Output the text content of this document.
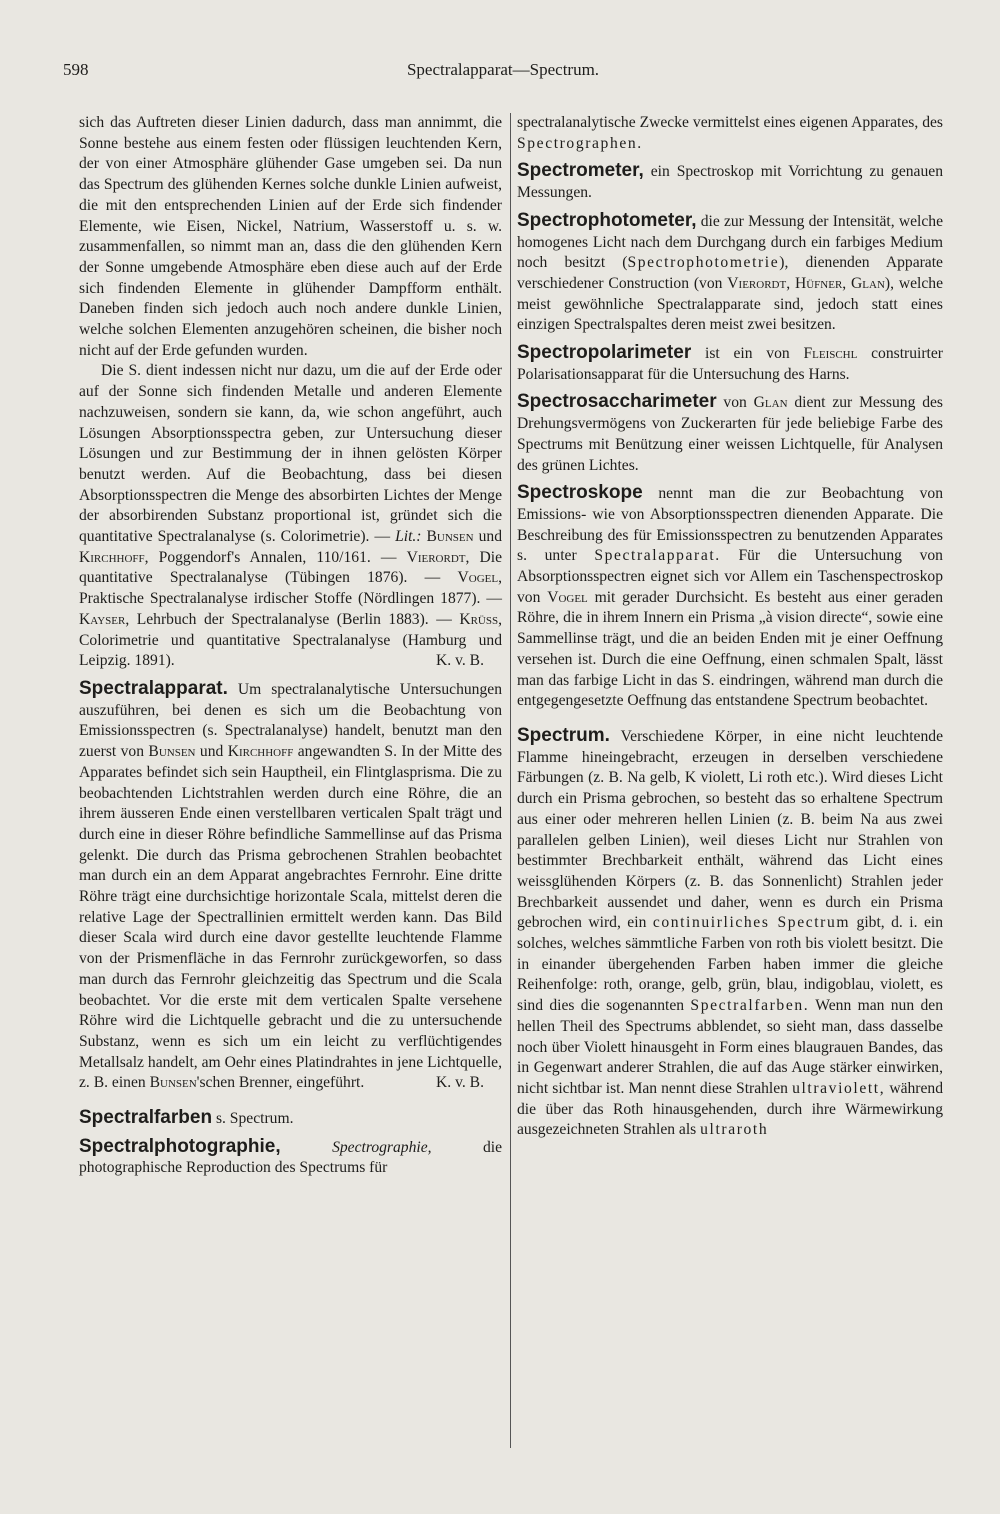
598	Spectralapparat—Spectrum.

sich das Auftreten dieser Linien dadurch, dass man annimmt, die Sonne bestehe aus einem festen oder flüssigen leuchtenden Kern, der von einer Atmosphäre glühender Gase umgeben sei. Da nun das Spectrum des glühenden Kernes solche dunkle Linien aufweist, die mit den entsprechenden Linien auf der Erde sich findender Elemente, wie Eisen, Nickel, Natrium, Wasserstoff u. s. w. zusammenfallen, so nimmt man an, dass die den glühenden Kern der Sonne umgebende Atmosphäre eben diese auch auf der Erde sich findenden Elemente in glühender Dampfform enthält. Daneben finden sich jedoch auch noch andere dunkle Linien, welche solchen Elementen anzugehören scheinen, die bisher noch nicht auf der Erde gefunden wurden.

Die S. dient indessen nicht nur dazu, um die auf der Erde oder auf der Sonne sich findenden Metalle und anderen Elemente nachzuweisen, sondern sie kann, da, wie schon angeführt, auch Lösungen Absorptionsspectra geben, zur Untersuchung dieser Lösungen und zur Bestimmung der in ihnen gelösten Körper benutzt werden. Auf die Beobachtung, dass bei diesen Absorptionsspectren die Menge des absorbirten Lichtes der Menge der absorbirenden Substanz proportional ist, gründet sich die quantitative Spectralanalyse (s. Colorimetrie). — Lit.: Bunsen und Kirchhoff, Poggendorf's Annalen, 110/161. — Vierordt, Die quantitative Spectralanalyse (Tübingen 1876). — Vogel, Praktische Spectralanalyse irdischer Stoffe (Nördlingen 1877). — Kayser, Lehrbuch der Spectralanalyse (Berlin 1883). — Krüss, Colorimetrie und quantitative Spectralanalyse (Hamburg und Leipzig. 1891).	K. v. B.

Spectralapparat. Um spectralanalytische Untersuchungen auszuführen, bei denen es sich um die Beobachtung von Emissionsspectren (s. Spectralanalyse) handelt, benutzt man den zuerst von Bunsen und Kirchhoff angewandten S. In der Mitte des Apparates befindet sich sein Hauptheil, ein Flintglasprisma. Die zu beobachtenden Lichtstrahlen werden durch eine Röhre, die an ihrem äusseren Ende einen verstellbaren verticalen Spalt trägt und durch eine in dieser Röhre befindliche Sammellinse auf das Prisma gelenkt. Die durch das Prisma gebrochenen Strahlen beobachtet man durch ein an dem Apparat angebrachtes Fernrohr. Eine dritte Röhre trägt eine durchsichtige horizontale Scala, mittelst deren die relative Lage der Spectrallinien ermittelt werden kann. Das Bild dieser Scala wird durch eine davor gestellte leuchtende Flamme von der Prismenfläche in das Fernrohr zurückgeworfen, so dass man durch das Fernrohr gleichzeitig das Spectrum und die Scala beobachtet. Vor die erste mit dem verticalen Spalte versehene Röhre wird die Lichtquelle gebracht und die zu untersuchende Substanz, wenn es sich um ein leicht zu verflüchtigendes Metallsalz handelt, am Oehr eines Platindrahtes in jene Lichtquelle, z. B. einen Bunsen'schen Brenner, eingeführt.	K. v. B.

Spectralfarben s. Spectrum.

Spectralphotographie,	Spectrographie, die photographische Reproduction des Spectrums für

spectralanalytische Zwecke vermittelst eines eigenen Apparates, des Spectrographen.

Spectrometer, ein Spectroskop mit Vorrichtung zu genauen Messungen.

Spectrophotometer, die zur Messung der Intensität, welche homogenes Licht nach dem Durchgang durch ein farbiges Medium noch besitzt (Spectrophotometrie), dienenden Apparate verschiedener Construction (von Vierordt, Hüfner, Glan), welche meist gewöhnliche Spectralapparate sind, jedoch statt eines einzigen Spectralspaltes deren meist zwei besitzen.

Spectropolarimeter ist ein von Fleischl construirter Polarisationsapparat für die Untersuchung des Harns.

Spectrosaccharimeter von Glan dient zur Messung des Drehungsvermögens von Zuckerarten für jede beliebige Farbe des Spectrums mit Benützung einer weissen Lichtquelle, für Analysen des grünen Lichtes.

Spectroskope nennt man die zur Beobachtung von Emissions- wie von Absorptionsspectren dienenden Apparate. Die Beschreibung des für Emissionsspectren zu benutzenden Apparates s. unter Spectralapparat. Für die Untersuchung von Absorptionsspectren eignet sich vor Allem ein Taschenspectroskop von Vogel mit gerader Durchsicht. Es besteht aus einer geraden Röhre, die in ihrem Innern ein Prisma „à vision directe“, sowie eine Sammellinse trägt, und die an beiden Enden mit je einer Oeffnung versehen ist. Durch die eine Oeffnung, einen schmalen Spalt, lässt man das farbige Licht in das S. eindringen, während man durch die entgegengesetzte Oeffnung das entstandene Spectrum beobachtet.

Spectrum. Verschiedene Körper, in eine nicht leuchtende Flamme hineingebracht, erzeugen in derselben verschiedene Färbungen (z. B. Na gelb, K violett, Li roth etc.). Wird dieses Licht durch ein Prisma gebrochen, so besteht das so erhaltene Spectrum aus einer oder mehreren hellen Linien (z. B. beim Na aus zwei parallelen gelben Linien), weil dieses Licht nur Strahlen von bestimmter Brechbarkeit enthält, während das Licht eines weissglühenden Körpers (z. B. das Sonnenlicht) Strahlen jeder Brechbarkeit aussendet und daher, wenn es durch ein Prisma gebrochen wird, ein continuirliches Spectrum gibt, d. i. ein solches, welches sämmtliche Farben von roth bis violett besitzt. Die in einander übergehenden Farben haben immer die gleiche Reihenfolge: roth, orange, gelb, grün, blau, indigoblau, violett, es sind dies die sogenannten Spectralfarben. Wenn man nun den hellen Theil des Spectrums abblendet, so sieht man, dass dasselbe noch über Violett hinausgeht in Form eines blaugrauen Bandes, das in Gegenwart anderer Strahlen, die auf das Auge stärker einwirken, nicht sichtbar ist. Man nennt diese Strahlen ultraviolett, während die über das Roth hinausgehenden, durch ihre Wärmewirkung ausgezeichneten Strahlen als ultraroth
